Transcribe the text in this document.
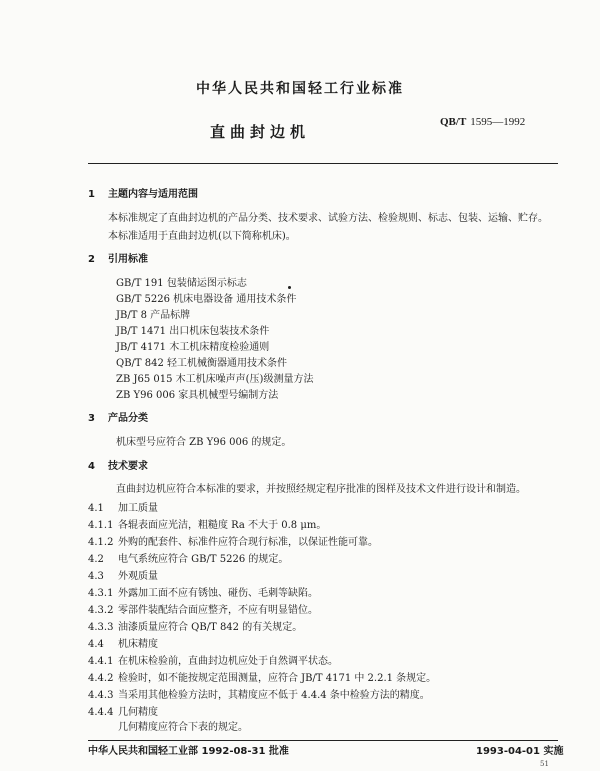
中华人民共和国轻工行业标准
直曲封边机
QB/T 1595—1992
1 主题内容与适用范围
本标准规定了直曲封边机的产品分类、技术要求、试验方法、检验规则、标志、包装、运输、贮存。
本标准适用于直曲封边机(以下简称机床)。
2 引用标准
GB/T 191 包装储运图示标志
GB/T 5226 机床电器设备 通用技术条件
JB/T 8 产品标牌
JB/T 1471 出口机床包装技术条件
JB/T 4171 木工机床精度检验通则
QB/T 842 轻工机械衡器通用技术条件
ZB J65 015 木工机床噪声声(压)级测量方法
ZB Y96 006 家具机械型号编制方法
3 产品分类
机床型号应符合 ZB Y96 006 的规定。
4 技术要求
直曲封边机应符合本标准的要求，并按照经规定程序批准的图样及技术文件进行设计和制造。
4.1 加工质量
4.1.1 各辊表面应光洁，粗糙度 Ra 不大于 0.8 μm。
4.1.2 外购的配套件、标准件应符合现行标准，以保证性能可靠。
4.2 电气系统应符合 GB/T 5226 的规定。
4.3 外观质量
4.3.1 外露加工面不应有锈蚀、碰伤、毛刺等缺陷。
4.3.2 零部件装配结合面应整齐，不应有明显错位。
4.3.3 油漆质量应符合 QB/T 842 的有关规定。
4.4 机床精度
4.4.1 在机床检验前，直曲封边机应处于自然调平状态。
4.4.2 检验时，如不能按规定范围测量，应符合 JB/T 4171 中 2.2.1 条规定。
4.4.3 当采用其他检验方法时，其精度应不低于 4.4.4 条中检验方法的精度。
4.4.4 几何精度
几何精度应符合下表的规定。
中华人民共和国轻工业部 1992-08-31 批准	1993-04-01 实施
51
